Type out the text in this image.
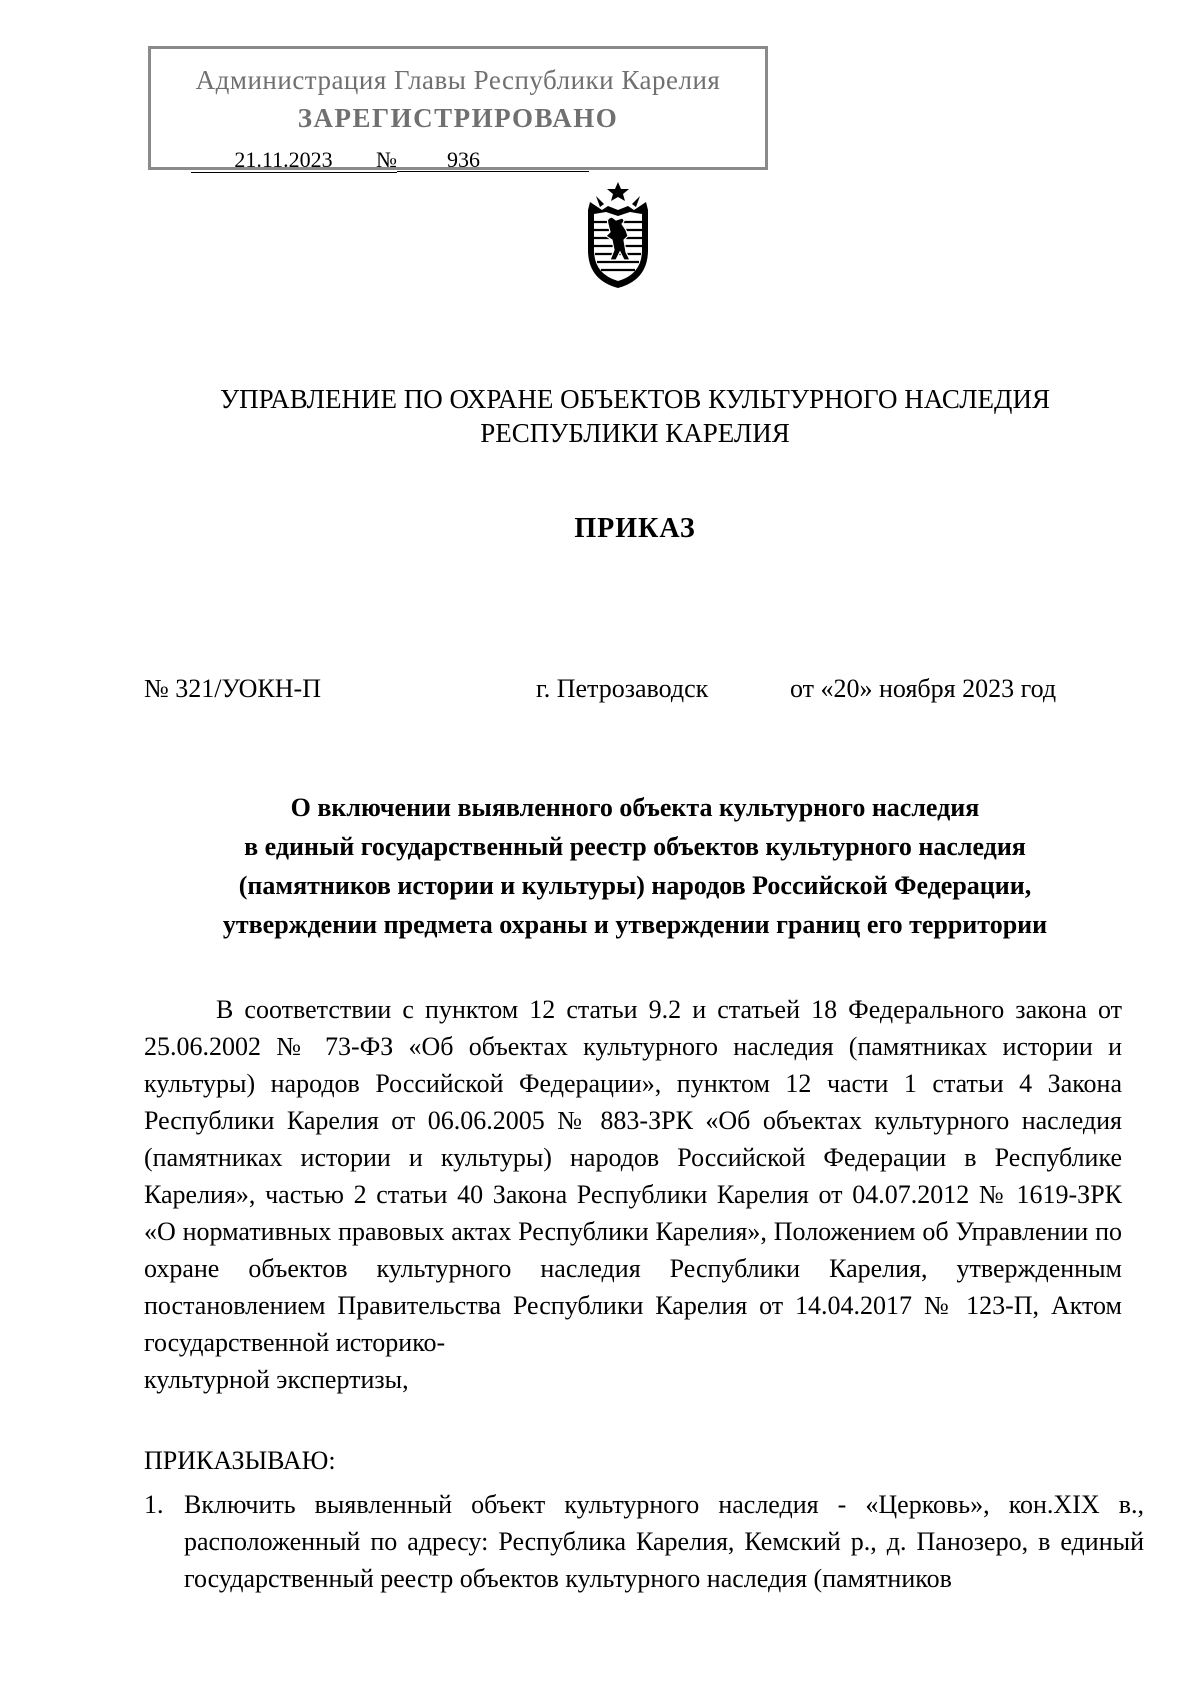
Администрация Главы Республики Карелия
ЗАРЕГИСТРИРОВАНО
21.11.2023 № 936
УПРАВЛЕНИЕ ПО ОХРАНЕ ОБЪЕКТОВ КУЛЬТУРНОГО НАСЛЕДИЯ
РЕСПУБЛИКИ КАРЕЛИЯ
ПРИКАЗ
№ 321/УОКН-П	г. Петрозаводск	от «20» ноября 2023 год
О включении выявленного объекта культурного наследия
в единый государственный реестр объектов культурного наследия
(памятников истории и культуры) народов Российской Федерации,
утверждении предмета охраны и утверждении границ его территории
В соответствии с пунктом 12 статьи 9.2 и статьей 18 Федерального закона от 25.06.2002 № 73-ФЗ «Об объектах культурного наследия (памятниках истории и культуры) народов Российской Федерации», пунктом 12 части 1 статьи 4 Закона Республики Карелия от 06.06.2005 № 883-ЗРК «Об объектах культурного наследия (памятниках истории и культуры) народов Российской Федерации в Республике Карелия», частью 2 статьи 40 Закона Республики Карелия от 04.07.2012 № 1619-ЗРК «О нормативных правовых актах Республики Карелия», Положением об Управлении по охране объектов культурного наследия Республики Карелия, утвержденным постановлением Правительства Республики Карелия от 14.04.2017 № 123-П, Актом государственной историко-
культурной экспертизы,
ПРИКАЗЫВАЮ:
1. Включить выявленный объект культурного наследия - «Церковь», кон.XIX в., расположенный по адресу: Республика Карелия, Кемский р., д. Панозеро, в единый государственный реестр объектов культурного наследия (памятников
